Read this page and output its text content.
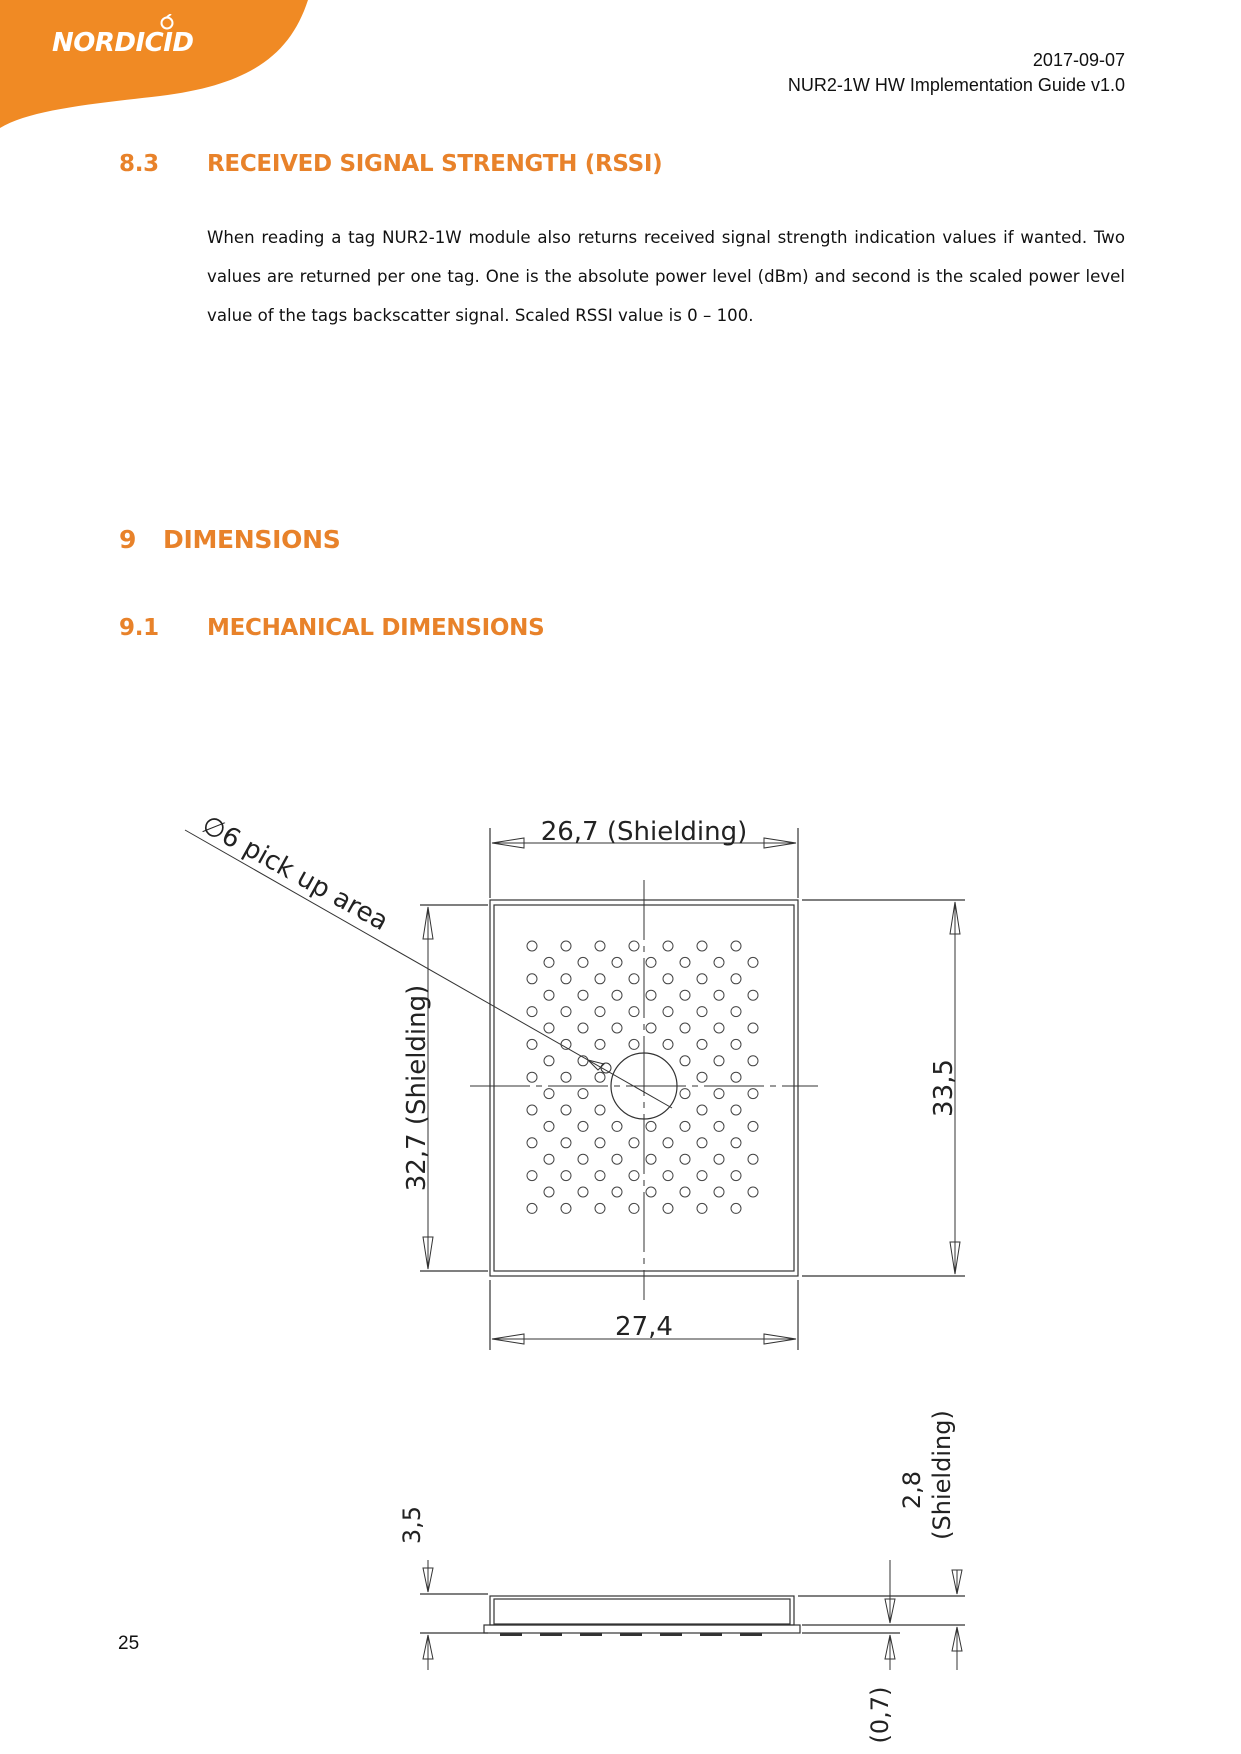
NORDICID
2017-09-07
NUR2-1W HW Implementation Guide v1.0
8.3 RECEIVED SIGNAL STRENGTH (RSSI)
When reading a tag NUR2-1W module also returns received signal strength indication values if wanted. Two values are returned per one tag. One is the absolute power level (dBm) and second is the scaled power level value of the tags backscatter signal. Scaled RSSI value is 0 – 100.
9 DIMENSIONS
9.1 MECHANICAL DIMENSIONS
∅6 pick up area	26,7 (Shielding)
27,4
32,7 (Shielding)	33,5
3,5
2,8 (Shielding)
(0,7)
25
